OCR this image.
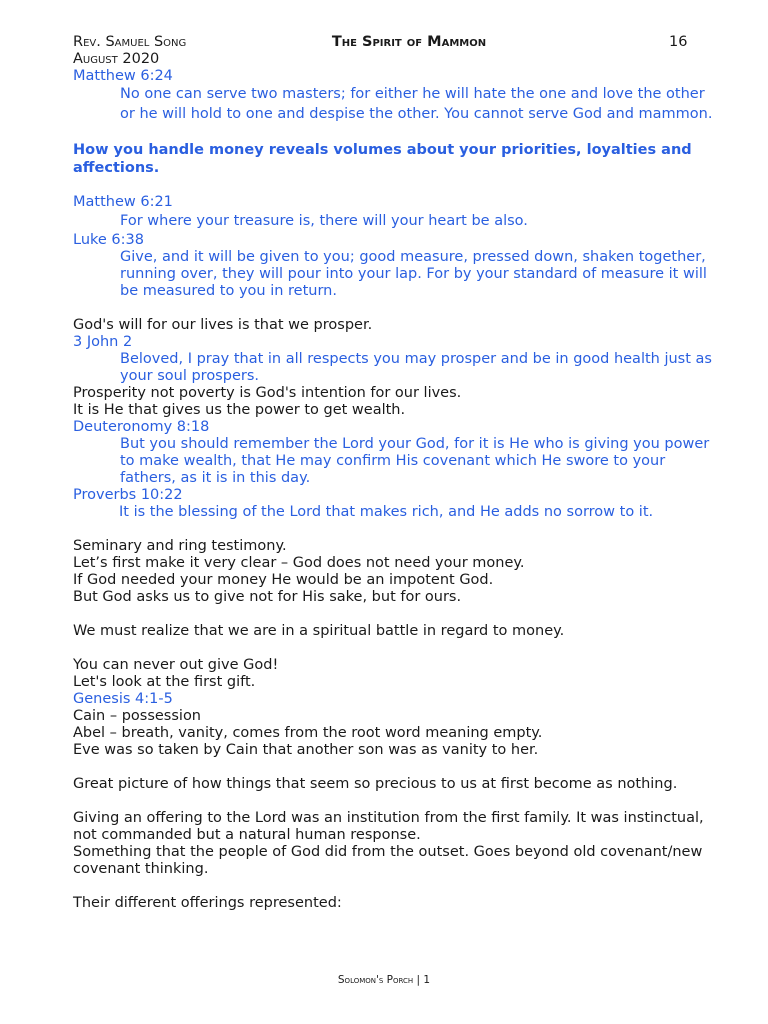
Rev. Samuel Song
August 2020
The Spirit of Mammon	16
Matthew 6:24
No one can serve two masters; for either he will hate the one and love the other or he will hold to one and despise the other. You cannot serve God and mammon.
How you handle money reveals volumes about your priorities, loyalties and affections.
Matthew 6:21
For where your treasure is, there will your heart be also.
Luke 6:38
Give, and it will be given to you; good measure, pressed down, shaken together, running over, they will pour into your lap. For by your standard of measure it will be measured to you in return.
God's will for our lives is that we prosper.
3 John 2
Beloved, I pray that in all respects you may prosper and be in good health just as your soul prospers.
Prosperity not poverty is God's intention for our lives.
It is He that gives us the power to get wealth.
Deuteronomy 8:18
But you should remember the Lord your God, for it is He who is giving you power to make wealth, that He may confirm His covenant which He swore to your fathers, as it is in this day.
Proverbs 10:22
It is the blessing of the Lord that makes rich, and He adds no sorrow to it.
Seminary and ring testimony.
Let’s first make it very clear – God does not need your money.
If God needed your money He would be an impotent God.
But God asks us to give not for His sake, but for ours.
We must realize that we are in a spiritual battle in regard to money.
You can never out give God!
Let's look at the first gift.
Genesis 4:1-5
Cain – possession
Abel – breath, vanity, comes from the root word meaning empty.
Eve was so taken by Cain that another son was as vanity to her.
Great picture of how things that seem so precious to us at first become as nothing.
Giving an offering to the Lord was an institution from the first family. It was instinctual, not commanded but a natural human response.
Something that the people of God did from the outset. Goes beyond old covenant/new covenant thinking.
Their different offerings represented:
Solomon's Porch | 1
